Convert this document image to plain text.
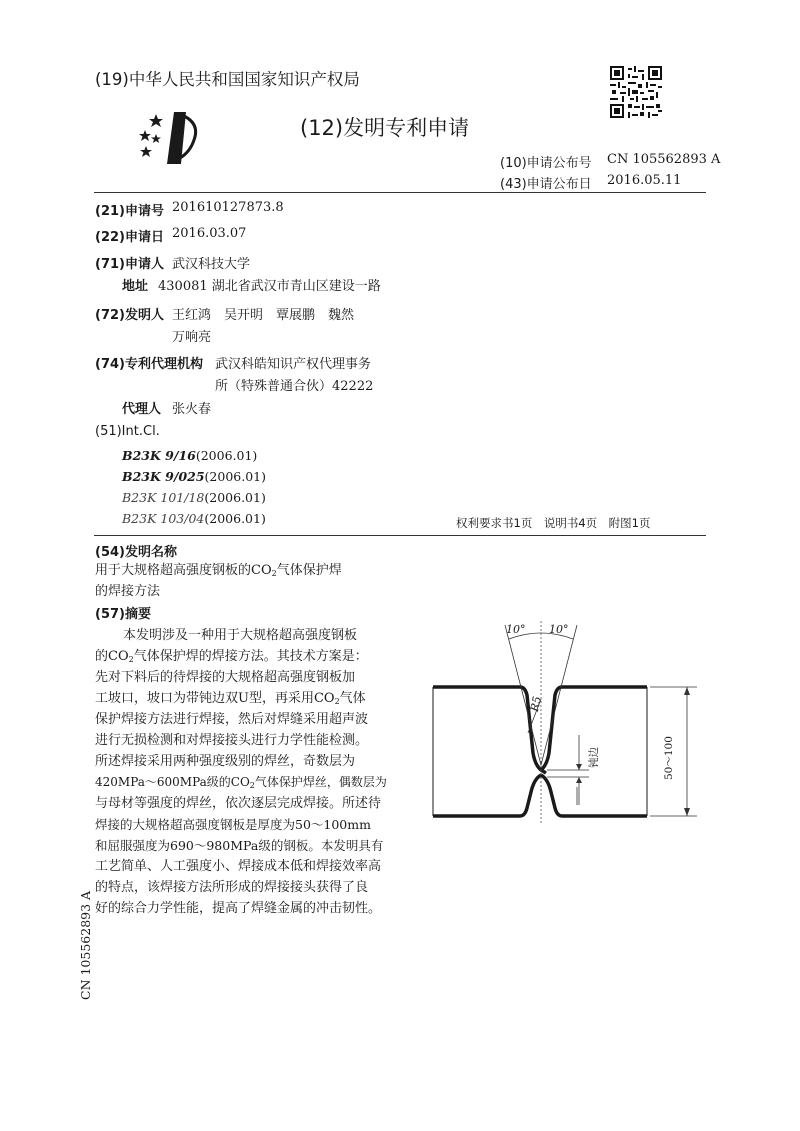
(19)中华人民共和国国家知识产权局
(12)发明专利申请
(10)申请公布号 CN 105562893 A
(43)申请公布日 2016.05.11
(21)申请号 201610127873.8
(22)申请日 2016.03.07
(71)申请人 武汉科技大学
地址 430081 湖北省武汉市青山区建设一路
(72)发明人 王红鸿　吴开明　覃展鹏　魏然
万响亮
(74)专利代理机构 武汉科皓知识产权代理事务
所（特殊普通合伙）42222
代理人 张火春
(51)Int.Cl.
B23K 9/16(2006.01)
B23K 9/025(2006.01)
B23K 101/18(2006.01)
B23K 103/04(2006.01)	权利要求书1页　说明书4页　附图1页
(54)发明名称
用于大规格超高强度钢板的$CO_2$气体保护焊
的焊接方法
(57)摘要
本发明涉及一种用于大规格超高强度钢板
的$CO_2$气体保护焊的焊接方法。其技术方案是：
先对下料后的待焊接的大规格超高强度钢板加
工坡口，坡口为带钝边双U型，再采用$CO_2$气体
保护焊接方法进行焊接，然后对焊缝采用超声波
进行无损检测和对焊接接头进行力学性能检测。
所述焊接采用两种强度级别的焊丝，奇数层为
420MPa～600MPa级的$CO_2$气体保护焊丝，偶数层为
与母材等强度的焊丝，依次逐层完成焊接。所述待
焊接的大规格超高强度钢板是厚度为50～100mm
和屈服强度为690～980MPa级的钢板。本发明具有
工艺简单、人工强度小、焊接成本低和焊接效率高
的特点，该焊接方法所形成的焊接接头获得了良
好的综合力学性能，提高了焊缝金属的冲击韧性。
10° 10°
R5
钝边	50～100
CN 105562893 A
